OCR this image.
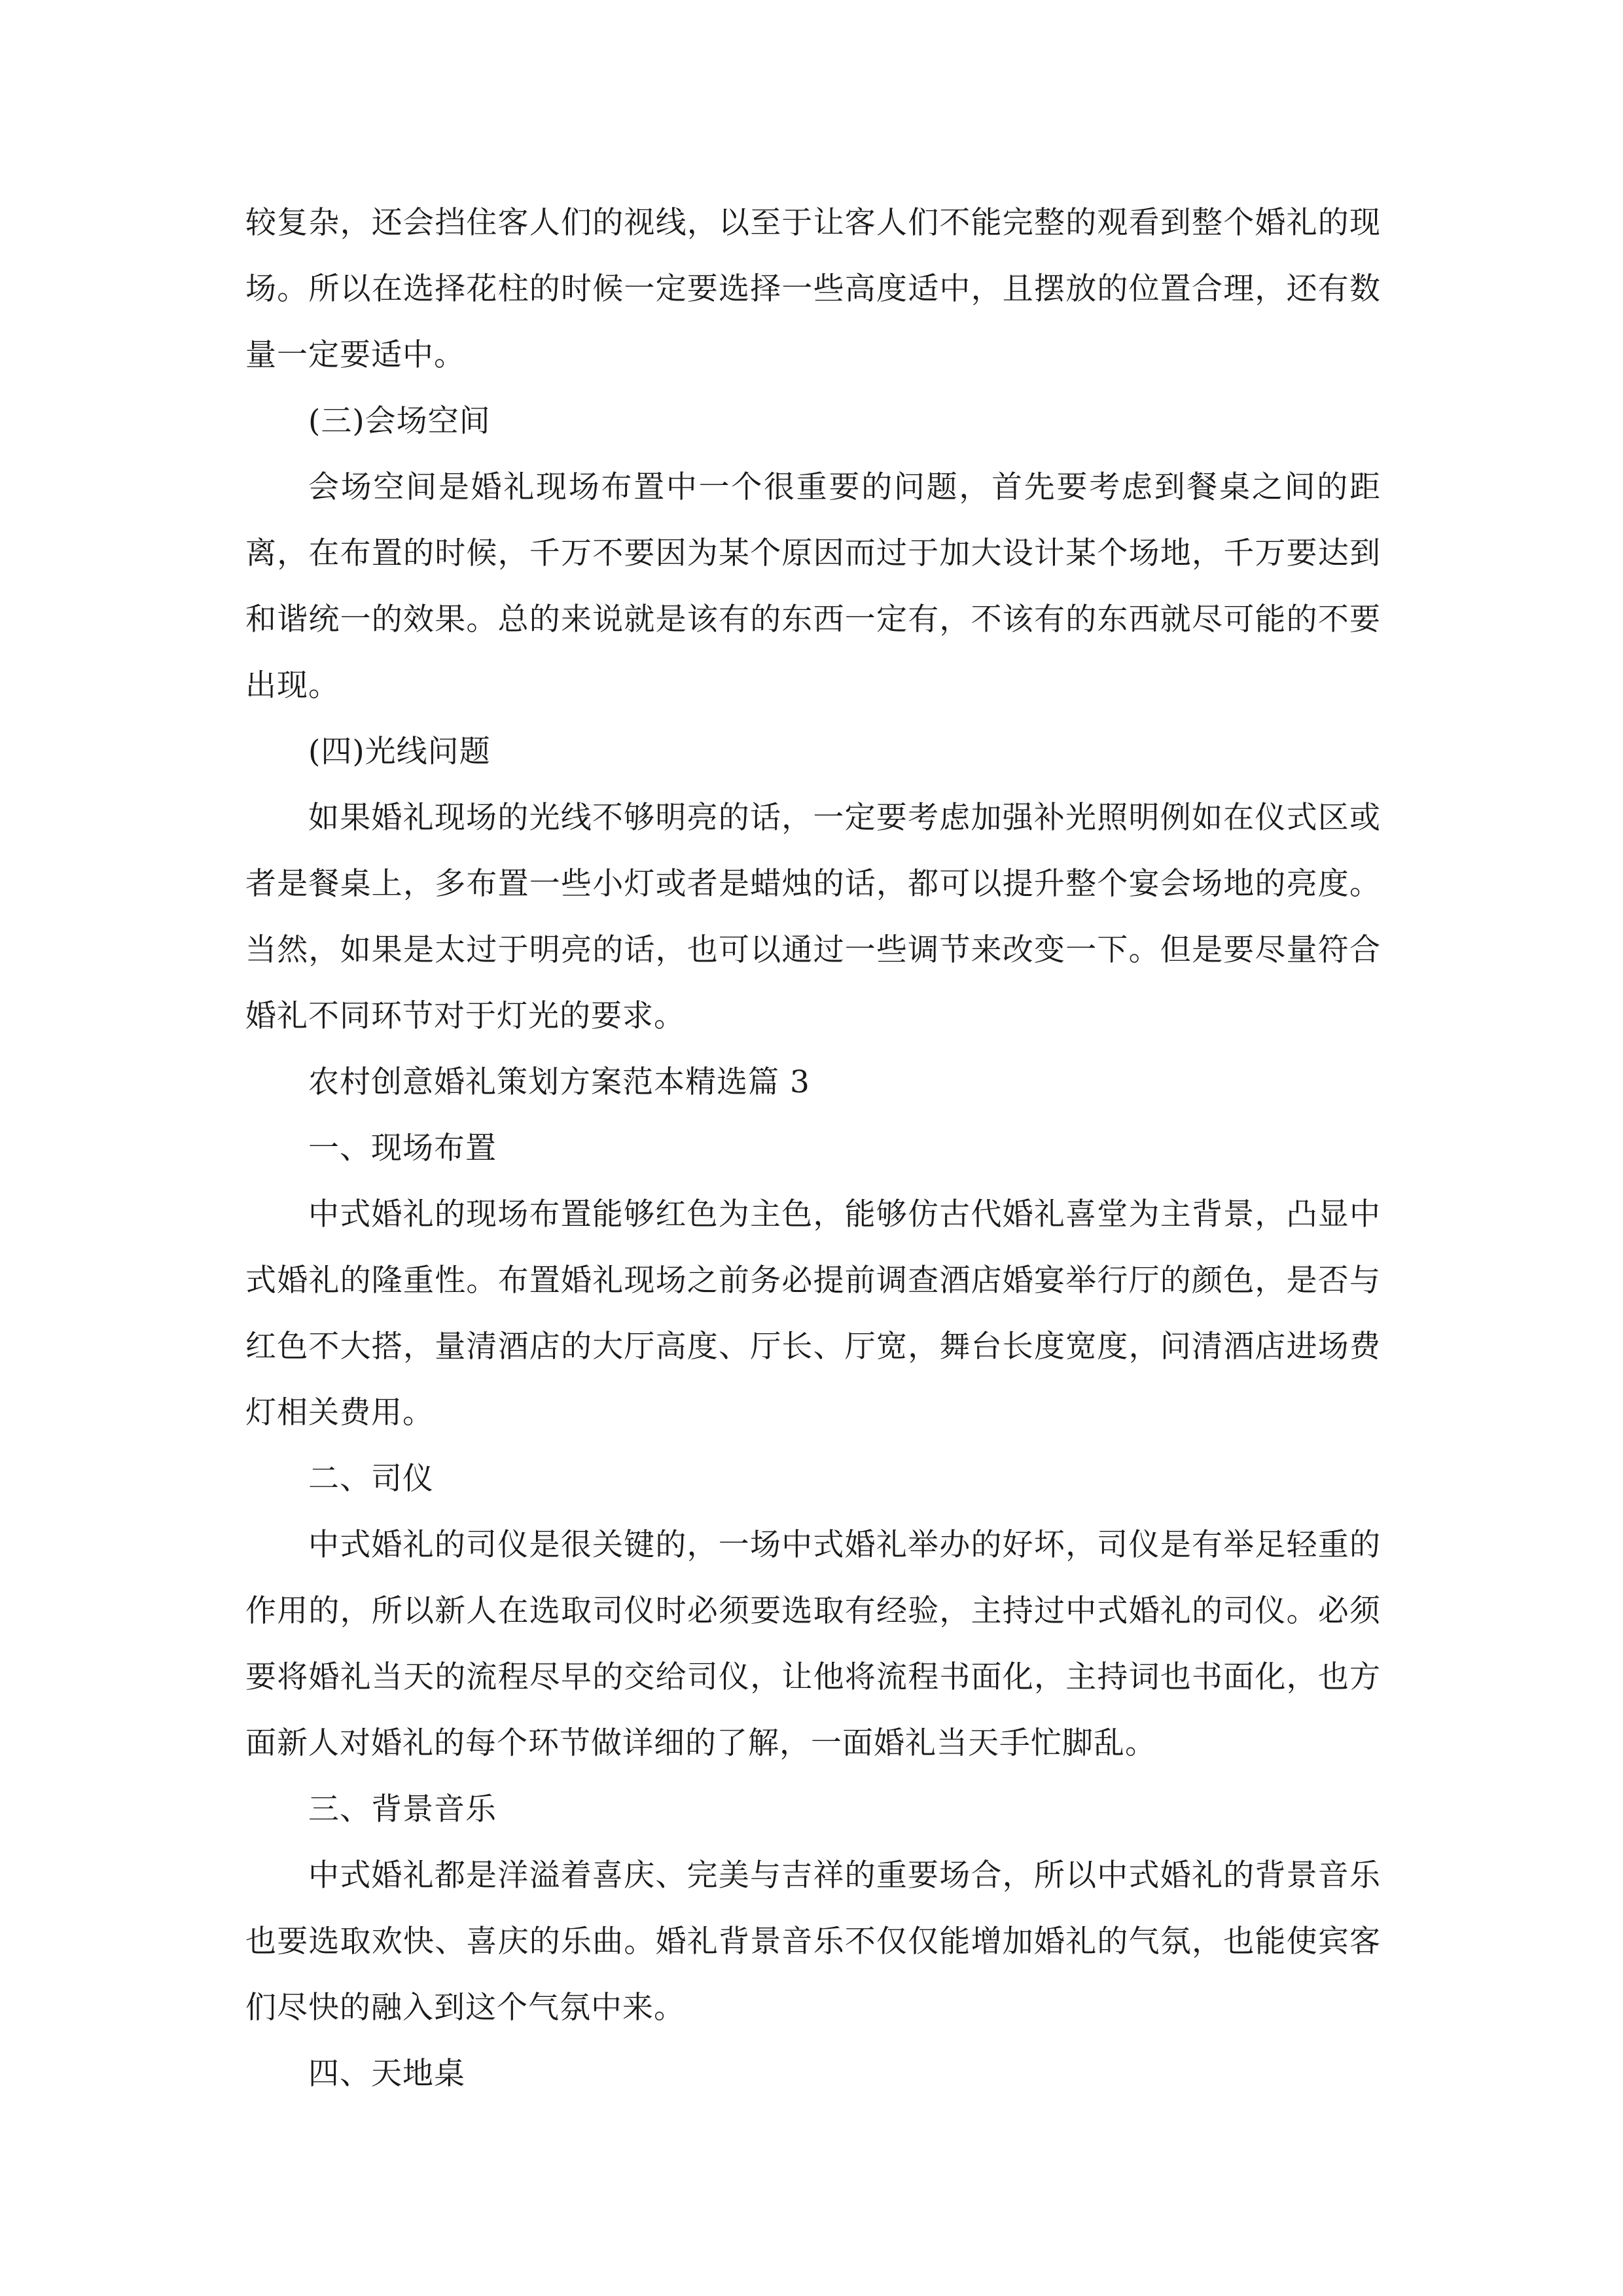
较复杂，还会挡住客人们的视线，以至于让客人们不能完整的观看到整个婚礼的现场。所以在选择花柱的时候一定要选择一些高度适中，且摆放的位置合理，还有数量一定要适中。

(三)会场空间

会场空间是婚礼现场布置中一个很重要的问题，首先要考虑到餐桌之间的距离，在布置的时候，千万不要因为某个原因而过于加大设计某个场地，千万要达到和谐统一的效果。总的来说就是该有的东西一定有，不该有的东西就尽可能的不要出现。

(四)光线问题

如果婚礼现场的光线不够明亮的话，一定要考虑加强补光照明例如在仪式区或者是餐桌上，多布置一些小灯或者是蜡烛的话，都可以提升整个宴会场地的亮度。当然，如果是太过于明亮的话，也可以通过一些调节来改变一下。但是要尽量符合婚礼不同环节对于灯光的要求。

农村创意婚礼策划方案范本精选篇 3

一、现场布置

中式婚礼的现场布置能够红色为主色，能够仿古代婚礼喜堂为主背景，凸显中式婚礼的隆重性。布置婚礼现场之前务必提前调查酒店婚宴举行厅的颜色，是否与红色不大搭，量清酒店的大厅高度、厅长、厅宽，舞台长度宽度，问清酒店进场费灯相关费用。

二、司仪

中式婚礼的司仪是很关键的，一场中式婚礼举办的好坏，司仪是有举足轻重的作用的，所以新人在选取司仪时必须要选取有经验，主持过中式婚礼的司仪。必须要将婚礼当天的流程尽早的交给司仪，让他将流程书面化，主持词也书面化，也方面新人对婚礼的每个环节做详细的了解，一面婚礼当天手忙脚乱。

三、背景音乐

中式婚礼都是洋溢着喜庆、完美与吉祥的重要场合，所以中式婚礼的背景音乐也要选取欢快、喜庆的乐曲。婚礼背景音乐不仅仅能增加婚礼的气氛，也能使宾客们尽快的融入到这个气氛中来。

四、天地桌
